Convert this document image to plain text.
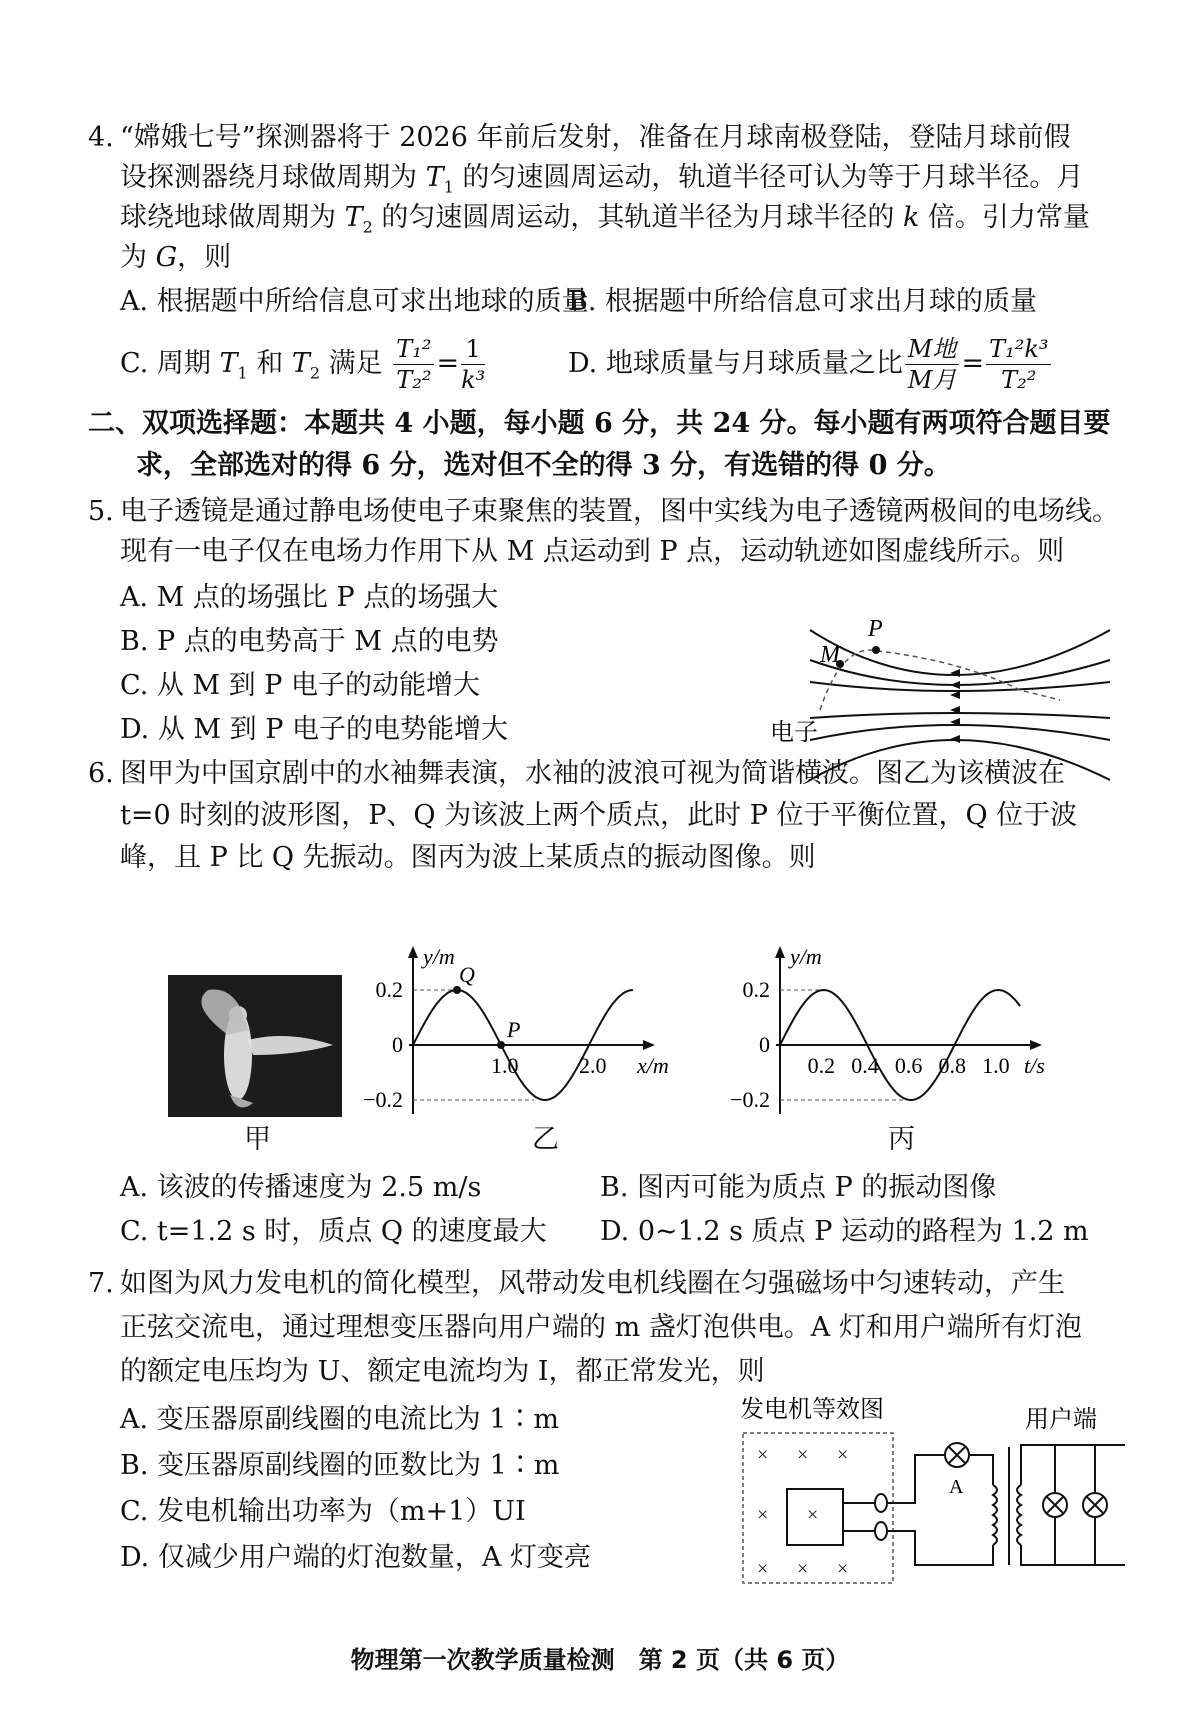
4. “嫦娥七号”探测器将于 2026 年前后发射，准备在月球南极登陆，登陆月球前假
设探测器绕月球做周期为 $T_1$ 的匀速圆周运动，轨道半径可认为等于月球半径。月
球绕地球做周期为 $T_2$ 的匀速圆周运动，其轨道半径为月球半径的 k 倍。引力常量
为 G，则
A. 根据题中所给信息可求出地球的质量
B. 根据题中所给信息可求出月球的质量
C. 周期 $T_1$ 和 $T_2$ 满足 $\frac{\text{T₁²}}{\text{T₂²}} = \frac{1}{\text{k³}}$	D. 地球质量与月球质量之比 $\frac{\text{M地}}{\text{M月}} = \frac{\text{T₁²k³}}{\text{T₂²}}$
二、双项选择题：本题共 4 小题，每小题 6 分，共 24 分。每小题有两项符合题目要
求，全部选对的得 6 分，选对但不全的得 3 分，有选错的得 0 分。
5. 电子透镜是通过静电场使电子束聚焦的装置，图中实线为电子透镜两极间的电场线。
现有一电子仅在电场力作用下从 M 点运动到 P 点，运动轨迹如图虚线所示。则
A. M 点的场强比 P 点的场强大
B. P 点的电势高于 M 点的电势
C. 从 M 到 P 电子的动能增大
D. 从 M 到 P 电子的电势能增大
M
P
电子
6. 图甲为中国京剧中的水袖舞表演，水袖的波浪可视为简谐横波。图乙为该横波在
t=0 时刻的波形图，P、Q 为该波上两个质点，此时 P 位于平衡位置，Q 位于波
峰，且 P 比 Q 先振动。图丙为波上某质点的振动图像。则
甲
0.2
0
−0.2
y/m
x/m
1.0	2.0
Q
P
乙
0.2
0
−0.2
y/m
t/s
0.2 0.4 0.6 0.8 1.0
丙
A. 该波的传播速度为 2.5 m/s	B. 图丙可能为质点 P 的振动图像
C. t=1.2 s 时，质点 Q 的速度最大 D. 0~1.2 s 质点 P 运动的路程为 1.2 m
7. 如图为风力发电机的简化模型，风带动发电机线圈在匀强磁场中匀速转动，产生
正弦交流电，通过理想变压器向用户端的 m 盏灯泡供电。A 灯和用户端所有灯泡
的额定电压均为 U、额定电流均为 I，都正常发光，则
A. 变压器原副线圈的电流比为 1∶m
B. 变压器原副线圈的匝数比为 1∶m
C. 发电机输出功率为（m+1）UI
D. 仅减少用户端的灯泡数量，A 灯变亮
发电机等效图	用户端
× × ×
× ×
× × ×
A
物理第一次教学质量检测　第 2 页（共 6 页）
